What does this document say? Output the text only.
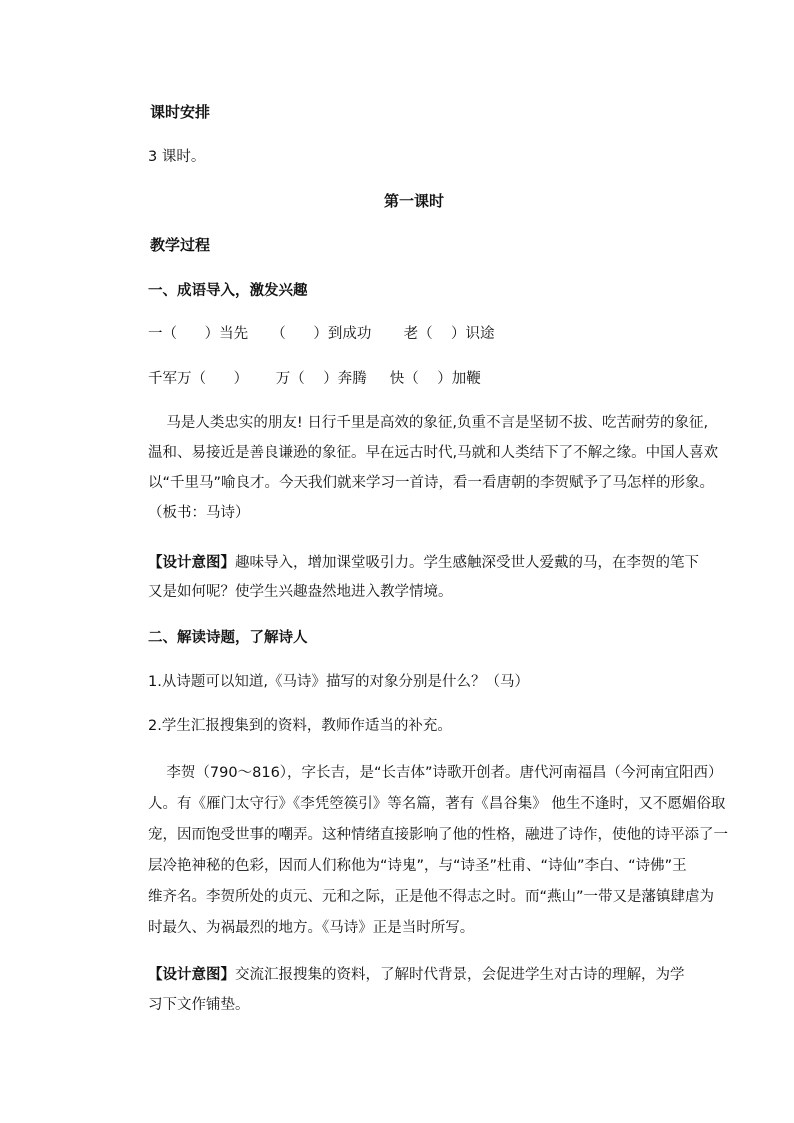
课时安排
3 课时。
第一课时
教学过程
一、成语导入，激发兴趣
一（      ）当先     （      ）到成功       老（    ）识途
千军万（      ）      万（    ）奔腾     快（    ）加鞭
马是人类忠实的朋友! 日行千里是高效的象征,负重不言是坚韧不拔、吃苦耐劳的象征,
温和、易接近是善良谦逊的象征。早在远古时代,马就和人类结下了不解之缘。中国人喜欢
以“千里马”喻良才。今天我们就来学习一首诗，看一看唐朝的李贺赋予了马怎样的形象。
（板书：马诗）
【设计意图】趣味导入，增加课堂吸引力。学生感触深受世人爱戴的马，在李贺的笔下
又是如何呢？使学生兴趣盎然地进入教学情境。
二、解读诗题，了解诗人
1.从诗题可以知道,《马诗》描写的对象分别是什么？（马）
2.学生汇报搜集到的资料，教师作适当的补充。
李贺（790～816），字长吉，是“长吉体”诗歌开创者。唐代河南福昌（今河南宜阳西）
人。有《雁门太守行》《李凭箜篌引》等名篇，著有《昌谷集》 他生不逢时，又不愿媚俗取
宠，因而饱受世事的嘲弄。这种情绪直接影响了他的性格，融进了诗作，使他的诗平添了一
层冷艳神秘的色彩，因而人们称他为“诗鬼”，与“诗圣”杜甫、“诗仙”李白、“诗佛”王
维齐名。李贺所处的贞元、元和之际，正是他不得志之时。而“燕山”一带又是藩镇肆虐为
时最久、为祸最烈的地方。《马诗》正是当时所写。
【设计意图】交流汇报搜集的资料，了解时代背景，会促进学生对古诗的理解，为学
习下文作铺垫。
